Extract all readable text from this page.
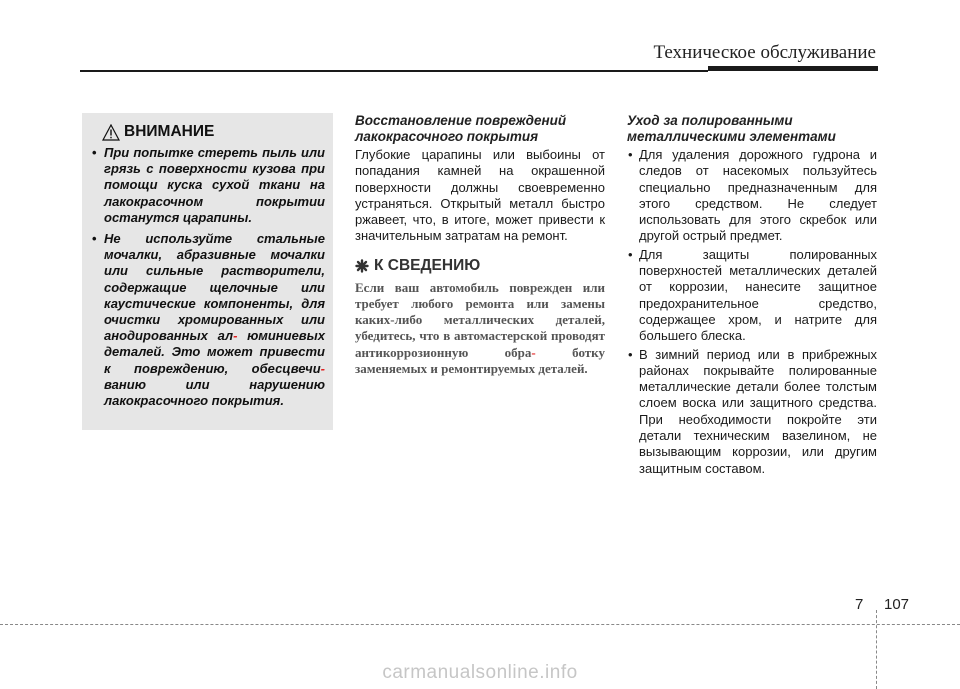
Техническое обслуживание
ВНИМАНИЕ
• При попытке стереть пыль или грязь с поверхности кузова при помощи куска сухой ткани на лакокрасочном покрытии останутся царапины.
• Не используйте стальные мочалки, абразивные мочалки или сильные растворители, содержащие щелочные или каустические компоненты, для очистки хромированных или анодированных ал- юминиевых деталей. Это может привести к повреждению, обесцвечи- ванию или нарушению лакокрасочного покрытия.
Восстановление повреждений лакокрасочного покрытия

Глубокие царапины или выбоины от попадания камней на окрашенной поверхности должны своевременно устраняться. Открытый металл быстро ржавеет, что, в итоге, может привести к значительным затратам на ремонт.

К СВЕДЕНИЮ

Если ваш автомобиль поврежден или требует любого ремонта или замены каких-либо металлических деталей, убедитесь, что в автомастерской проводят антикоррозионную обра-	ботку заменяемых и ремонтируемых деталей.

Уход за полированными металлическими элементами
• Для удаления дорожного гудрона и следов от насекомых пользуйтесь специально предназначенным для этого средством. Не следует использовать для этого скребок или другой острый предмет.
• Для защиты полированных поверхностей металлических деталей от коррозии, нанесите защитное предохранительное средство, содержащее хром, и натрите для большего блеска.
• В зимний период или в прибрежных районах покрывайте полированные металлические детали более толстым слоем воска или защитного средства. При необходимости покройте эти детали техническим вазелином, не вызывающим коррозии, или другим защитным составом.
7 107
carmanualsonline.info
